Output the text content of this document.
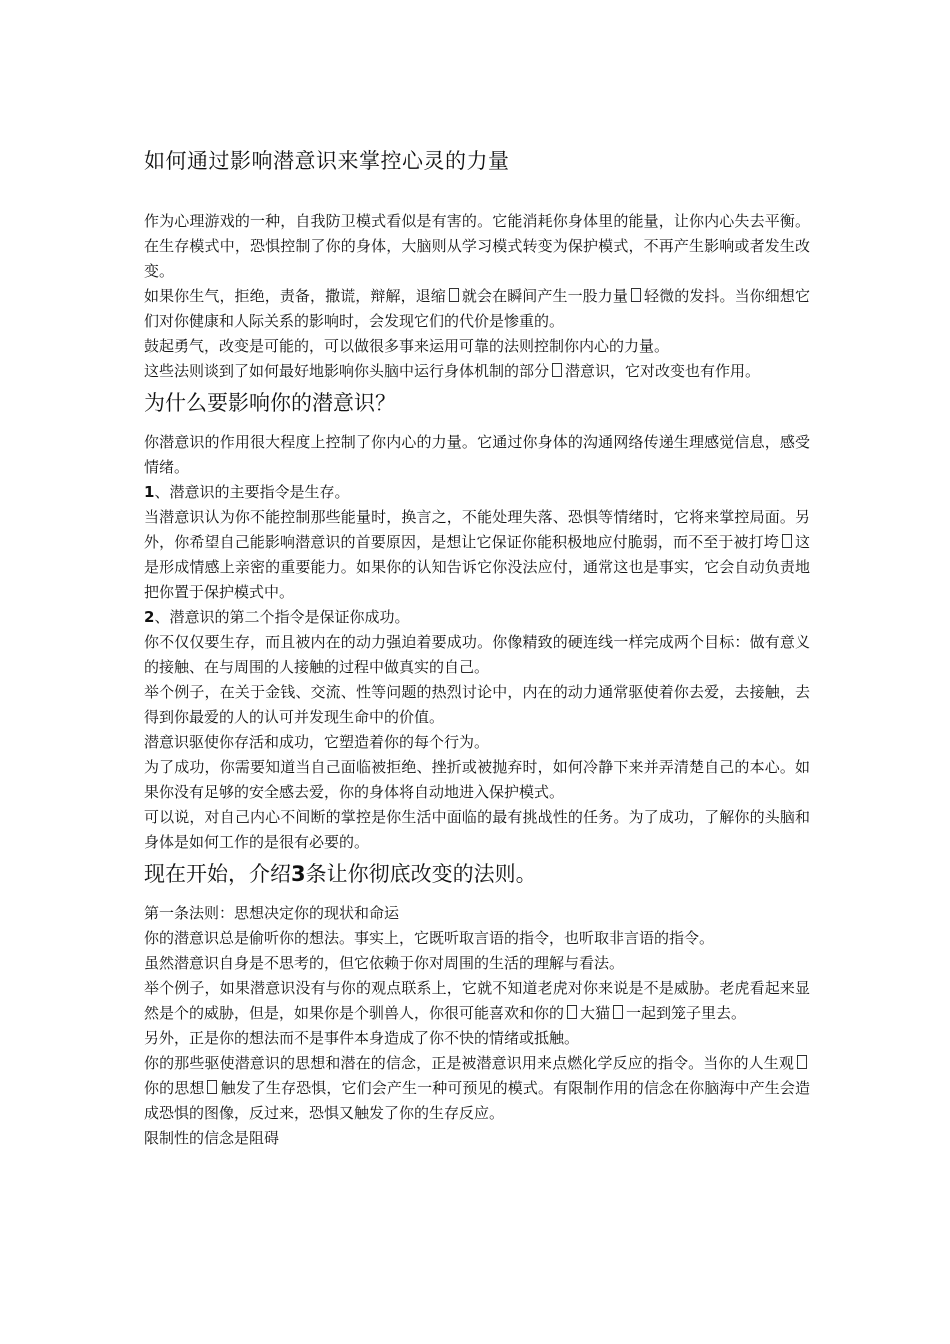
如何通过影响潜意识来掌控心灵的力量

作为心理游戏的一种，自我防卫模式看似是有害的。它能消耗你身体里的能量，让你内心失去平衡。在生存模式中，恐惧控制了你的身体，大脑则从学习模式转变为保护模式，不再产生影响或者发生改变。

如果你生气，拒绝，责备，撒谎，辩解，退缩 就会在瞬间产生一股力量 轻微的发抖。当你细想它们对你健康和人际关系的影响时，会发现它们的代价是惨重的。

鼓起勇气，改变是可能的，可以做很多事来运用可靠的法则控制你内心的力量。

这些法则谈到了如何最好地影响你头脑中运行身体机制的部分 潜意识，它对改变也有作用。

为什么要影响你的潜意识？

你潜意识的作用很大程度上控制了你内心的力量。它通过你身体的沟通网络传递生理感觉信息，感受情绪。

1、潜意识的主要指令是生存。

当潜意识认为你不能控制那些能量时，换言之，不能处理失落、恐惧等情绪时，它将来掌控局面。另外，你希望自己能影响潜意识的首要原因，是想让它保证你能积极地应付脆弱，而不至于被打垮 这是形成情感上亲密的重要能力。如果你的认知告诉它你没法应付，通常这也是事实，它会自动负责地把你置于保护模式中。

2、潜意识的第二个指令是保证你成功。

你不仅仅要生存，而且被内在的动力强迫着要成功。你像精致的硬连线一样完成两个目标：做有意义的接触、在与周围的人接触的过程中做真实的自己。

举个例子，在关于金钱、交流、性等问题的热烈讨论中，内在的动力通常驱使着你去爱，去接触，去得到你最爱的人的认可并发现生命中的价值。

潜意识驱使你存活和成功，它塑造着你的每个行为。

为了成功，你需要知道当自己面临被拒绝、挫折或被抛弃时，如何冷静下来并弄清楚自己的本心。如果你没有足够的安全感去爱，你的身体将自动地进入保护模式。

可以说，对自己内心不间断的掌控是你生活中面临的最有挑战性的任务。为了成功，了解你的头脑和身体是如何工作的是很有必要的。

现在开始，介绍3条让你彻底改变的法则。

第一条法则：思想决定你的现状和命运

你的潜意识总是偷听你的想法。事实上，它既听取言语的指令，也听取非言语的指令。

虽然潜意识自身是不思考的，但它依赖于你对周围的生活的理解与看法。

举个例子，如果潜意识没有与你的观点联系上，它就不知道老虎对你来说是不是威胁。老虎看起来显然是个的威胁，但是，如果你是个驯兽人，你很可能喜欢和你的 大猫 一起到笼子里去。

另外，正是你的想法而不是事件本身造成了你不快的情绪或抵触。

你的那些驱使潜意识的思想和潜在的信念，正是被潜意识用来点燃化学反应的指令。当你的人生观你的思想 触发了生存恐惧，它们会产生一种可预见的模式。有限制作用的信念在你脑海中产生会造成恐惧的图像，反过来，恐惧又触发了你的生存反应。

限制性的信念是阻碍
